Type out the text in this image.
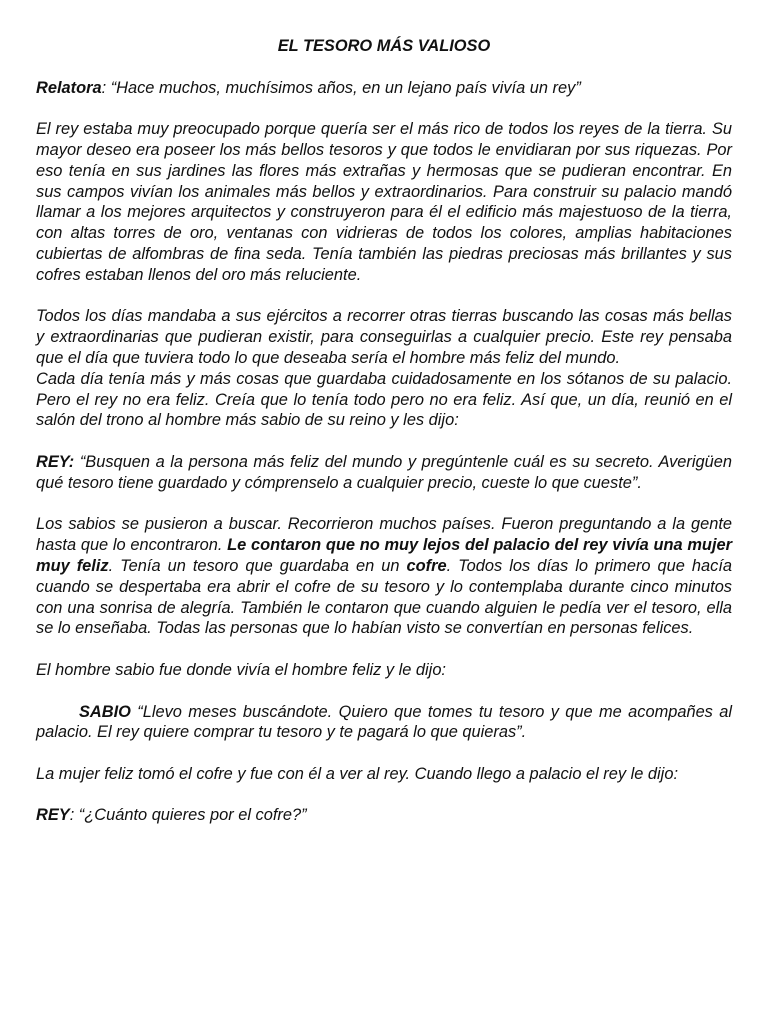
EL TESORO MÁS VALIOSO

Relatora: “Hace muchos, muchísimos años, en un lejano país vivía un rey”

El rey estaba muy preocupado porque quería ser el más rico de todos los reyes de la tierra. Su mayor deseo era poseer los más bellos tesoros y que todos le envidiaran por sus riquezas. Por eso tenía en sus jardines las flores más extrañas y hermosas que se pudieran encontrar. En sus campos vivían los animales más bellos y extraordinarios. Para construir su palacio mandó llamar a los mejores arquitectos y construyeron para él el edificio más majestuoso de la tierra, con altas torres de oro, ventanas con vidrieras de todos los colores, amplias habitaciones cubiertas de alfombras de fina seda. Tenía también las piedras preciosas más brillantes y sus cofres estaban llenos del oro más reluciente.

Todos los días mandaba a sus ejércitos a recorrer otras tierras buscando las cosas más bellas y extraordinarias que pudieran existir, para conseguirlas a cualquier precio. Este rey pensaba que el día que tuviera todo lo que deseaba sería el hombre más feliz del mundo.

Cada día tenía más y más cosas que guardaba cuidadosamente en los sótanos de su palacio. Pero el rey no era feliz. Creía que lo tenía todo pero no era feliz. Así que, un día, reunió en el salón del trono al hombre más sabio de su reino y les dijo:

REY: “Busquen a la persona más feliz del mundo y pregúntenle cuál es su secreto. Averigüen qué tesoro tiene guardado y cómprenselo a cualquier precio, cueste lo que cueste”.

Los sabios se pusieron a buscar. Recorrieron muchos países. Fueron preguntando a la gente hasta que lo encontraron. Le contaron que no muy lejos del palacio del rey vivía una mujer muy feliz. Tenía un tesoro que guardaba en un cofre. Todos los días lo primero que hacía cuando se despertaba era abrir el cofre de su tesoro y lo contemplaba durante cinco minutos con una sonrisa de alegría. También le contaron que cuando alguien le pedía ver el tesoro, ella se lo enseñaba. Todas las personas que lo habían visto se convertían en personas felices.

El hombre sabio fue donde vivía el hombre feliz y le dijo:

SABIO “Llevo meses buscándote. Quiero que tomes tu tesoro y que me acompañes al palacio. El rey quiere comprar tu tesoro y te pagará lo que quieras”.

La mujer feliz tomó el cofre y fue con él a ver al rey. Cuando llego a palacio el rey le dijo:

REY: “¿Cuánto quieres por el cofre?”
